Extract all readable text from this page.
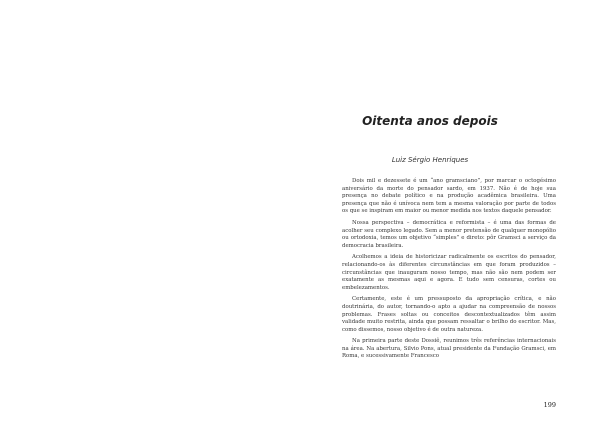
Oitenta anos depois

Luiz Sérgio Henriques

Dois mil e dezessete é um “ano gramsciano”, por marcar o octogésimo aniversário da morte do pensador sardo, em 1937. Não é de hoje sua presença no debate político e na produção acadêmica brasileira. Uma presença que não é unívoca nem tem a mesma valoração por parte de todos os que se inspiram em maior ou menor medida nos textos daquele pensador.

Nossa perspectiva – democrática e reformista – é uma das formas de acolher seu complexo legado. Sem a menor pretensão de qualquer monopólio ou ortodoxia, temos um objetivo “simples” e direto: pôr Gramsci a serviço da democracia brasileira.

Acolhemos a ideia de historicizar radicalmente os escritos do pensador, relacionando-os às diferentes circunstâncias em que foram produzidos – circunstâncias que inauguram nosso tempo, mas não são nem podem ser exatamente as mesmas aqui e agora. E tudo sem censuras, cortes ou embelezamentos.

Certamente, este é um pressuposto da apropriação crítica, e não doutrinária, do autor, tornando-o apto a ajudar na compreensão de nossos problemas. Frases soltas ou conceitos descontextualizados têm assim validade muito restrita, ainda que possam ressaltar o brilho do escritor. Mas, como dissemos, nosso objetivo é de outra natureza.

Na primeira parte deste Dossiê, reunimos três referências internacionais na área. Na abertura, Silvio Pons, atual presidente da Fundação Gramsci, em Roma, e sucessivamente Francesco

199
